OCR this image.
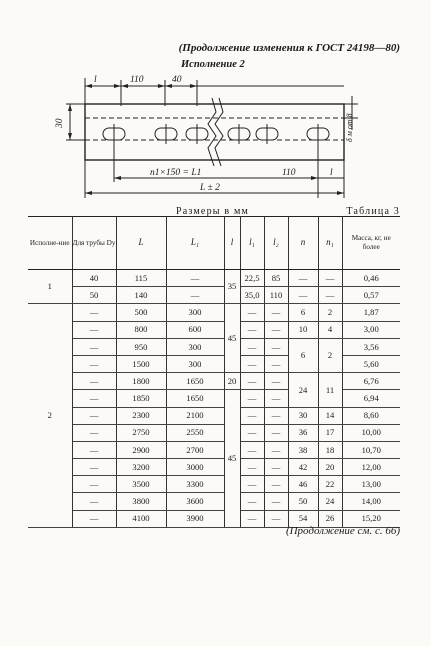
(Продолжение изменения к ГОСТ 24198—80)
Исполнение 2
l	110	40
30	δ м от 8
n1×150 = L1	110	l
L ± 2
Размеры в мм	Таблица 3
Исполне-ние	Для трубы Dу	L	L₁	l	l₁	l₂	n	n₁	Масса, кг, не более
1	40	115	—	35	22,5	85	—	—	0,46
	50	140	—		35,0	110	—	—	0,57
2	—	500	300	45	—	—	6	2	1,87
	—	800	600		—	—	10	4	3,00
	—	950	300		—	—	6	2	3,56
	—	1500	300		—	—			5,60
	—	1800	1650	20	—	—	24	11	6,76
	—	1850	1650	45	—	—			6,94
	—	2300	2100		—	—	30	14	8,60
	—	2750	2550		—	—	36	17	10,00
	—	2900	2700		—	—	38	18	10,70
	—	3200	3000		—	—	42	20	12,00
	—	3500	3300		—	—	46	22	13,00
	—	3800	3600		—	—	50	24	14,00
	—	4100	3900		—	—	54	26	15,20
(Продолжение см. с. 66)
